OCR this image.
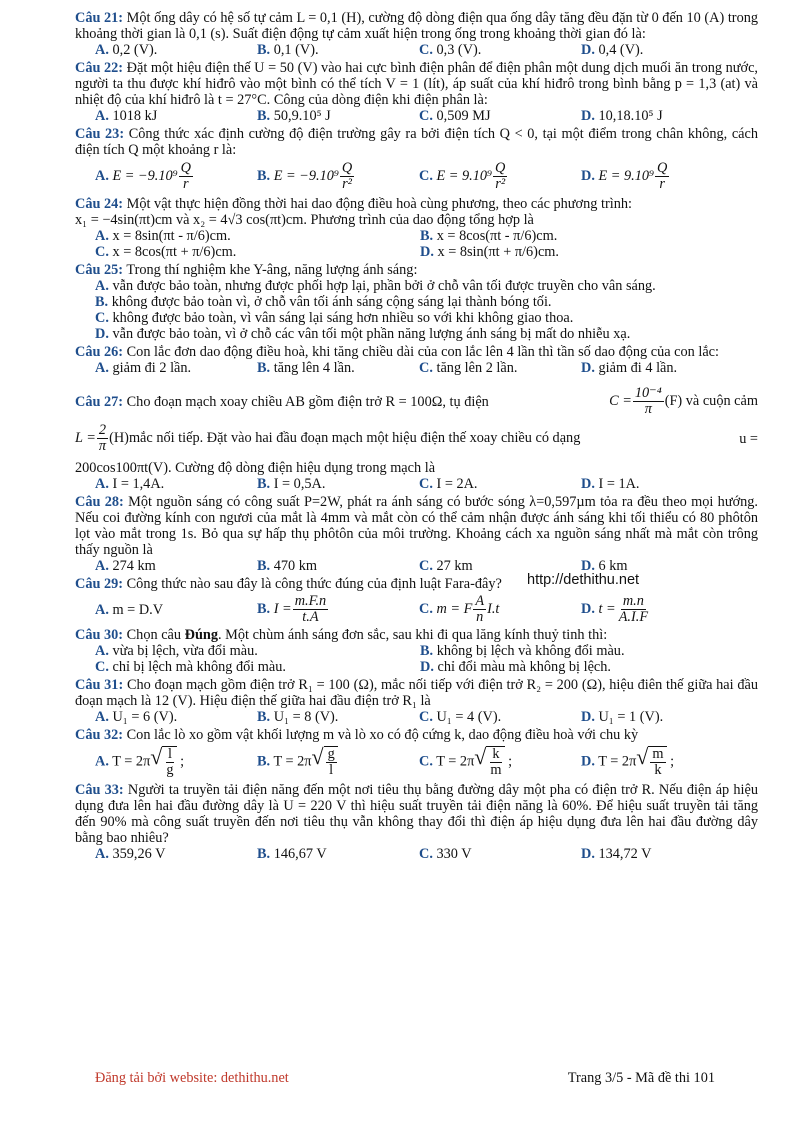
Câu 21: Một ống dây có hệ số tự cảm L = 0,1 (H), cường độ dòng điện qua ống dây tăng đều đặn từ 0 đến 10 (A) trong khoảng thời gian là 0,1 (s). Suất điện động tự cảm xuất hiện trong ống trong khoảng thời gian đó là:
A. 0,2 (V).	B. 0,1 (V).	C. 0,3 (V).	D. 0,4 (V).
Câu 22: Đặt một hiệu điện thế U = 50 (V) vào hai cực bình điện phân để điện phân một dung dịch muối ăn trong nước, người ta thu được khí hiđrô vào một bình có thể tích V = 1 (lít), áp suất của khí hiđrô trong bình bằng p = 1,3 (at) và nhiệt độ của khí hiđrô là t = 27°C. Công của dòng điện khi điện phân là:
A. 1018 kJ	B. 50,9.10⁵ J	C. 0,509 MJ	D. 10,18.10⁵ J
Câu 23: Công thức xác định cường độ điện trường gây ra bởi điện tích Q < 0, tại một điểm trong chân không, cách điện tích Q một khoảng r là:
A. $E = -9.10^9 \frac{Q}{r}$	B. $E = -9.10^9 \frac{Q}{\text{r²}}$	C. $E = 9.10^9 \frac{Q}{\text{r²}}$	D. $E = 9.10^9 \frac{Q}{r}$
Câu 24: Một vật thực hiện đồng thời hai dao động điều hoà cùng phương, theo các phương trình:
x₁ = −4sin(πt)cm và x₂ = 4√3 cos(πt)cm. Phương trình của dao động tổng hợp là
A. x = 8sin(πt - π/6)cm.	B. x = 8cos(πt - π/6)cm.
C. x = 8cos(πt + π/6)cm.	D. x = 8sin(πt + π/6)cm.
Câu 25: Trong thí nghiệm khe Y-âng, năng lượng ánh sáng:
A. vẫn được bảo toàn, nhưng được phối hợp lại, phần bởi ở chỗ vân tối được truyền cho vân sáng.
B. không được bảo toàn vì, ở chỗ vân tối ánh sáng cộng sáng lại thành bóng tối.
C. không được bảo toàn, vì vân sáng lại sáng hơn nhiều so với khi không giao thoa.
D. vẫn được bảo toàn, vì ở chỗ các vân tối một phần năng lượng ánh sáng bị mất do nhiễu xạ.
Câu 26: Con lắc đơn dao động điều hoà, khi tăng chiều dài của con lắc lên 4 lần thì tần số dao động của con lắc:
A. giảm đi 2 lần.	B. tăng lên 4 lần.	C. tăng lên 2 lần.	D. giảm đi 4 lần.
Câu 27: Cho đoạn mạch xoay chiều AB gồm điện trở R = 100Ω, tụ điện	$C = \frac{\text{10⁻⁴}}{\pi} (F)$ và cuộn cảm
$L = \frac{2}{\pi}$ (H)mắc nối tiếp. Đặt vào hai đầu đoạn mạch một hiệu điện thế xoay chiều có dạng	u =
200cos100πt(V). Cường độ dòng điện hiệu dụng trong mạch là
A. I = 1,4A.	B. I = 0,5A.	C. I = 2A.	D. I = 1A.
Câu 28: Một nguồn sáng có công suất P=2W, phát ra ánh sáng có bước sóng λ=0,597µm tỏa ra đều theo mọi hướng. Nếu coi đường kính con ngươi của mắt là 4mm và mắt còn có thể cảm nhận được ánh sáng khi tối thiểu có 80 phôtôn lọt vào mắt trong 1s. Bỏ qua sự hấp thụ phôtôn của môi trường. Khoảng cách xa nguồn sáng nhất mà mắt còn trông thấy nguồn là
A. 274 km	B. 470 km	C. 27 km	D. 6 km
Câu 29: Công thức nào sau đây là công thức đúng của định luật Fara-đây?
A. m = D.V	B. $I = \frac{m.F.n}{t.A}$	C. m = F $\frac{A}{n} I.t$	D. $t = \frac{m.n}{A.I.F}$
Câu 30: Chọn câu Đúng. Một chùm ánh sáng đơn sắc, sau khi đi qua lăng kính thuỷ tinh thì:
A. vừa bị lệch, vừa đổi màu.	B. không bị lệch và không đổi màu.
C. chỉ bị lệch mà không đổi màu.	D. chỉ đổi màu mà không bị lệch.
Câu 31: Cho đoạn mạch gồm điện trở R₁ = 100 (Ω), mắc nối tiếp với điện trở R₂ = 200 (Ω), hiệu điên thế giữa hai đầu đoạn mạch là 12 (V). Hiệu điện thế giữa hai đầu điện trở R₁ là
A. U₁ = 6 (V).	B. U₁ = 8 (V).	C. U₁ = 4 (V).	D. U₁ = 1 (V).
Câu 32: Con lắc lò xo gồm vật khối lượng m và lò xo có độ cứng k, dao động điều hoà với chu kỳ
A. T = 2π √ $\frac{l}{g}$ ;	B. T = 2π √ $\frac{g}{l}$	C. T = 2π √ $\frac{k}{m}$ ;	D. T = 2π √ $\frac{m}{k}$ ;
Câu 33: Người ta truyền tải điện năng đến một nơi tiêu thụ bằng đường dây một pha có điện trở R. Nếu điện áp hiệu dụng đưa lên hai đầu đường dây là U = 220 V thì hiệu suất truyền tải điện năng là 60%. Để hiệu suất truyền tải tăng đến 90% mà công suất truyền đến nơi tiêu thụ vẫn không thay đổi thì điện áp hiệu dụng đưa lên hai đầu đường dây bằng bao nhiêu?
A. 359,26 V	B. 146,67 V	C. 330 V	D. 134,72 V
http://dethithu.net
Đăng tải bởi website: dethithu.net	Trang 3/5 - Mã đề thi 101
